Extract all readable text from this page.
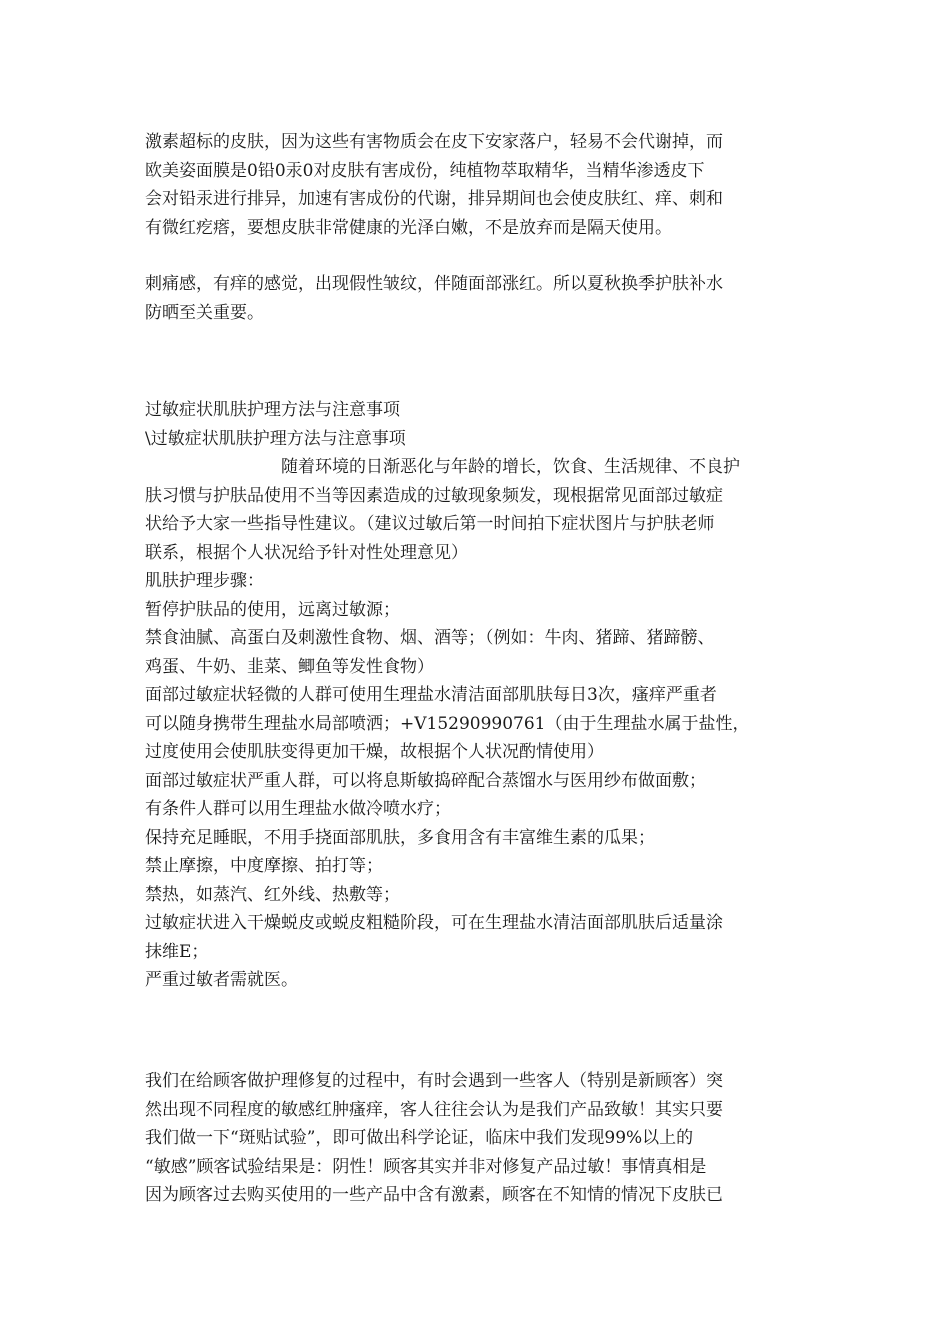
激素超标的皮肤，因为这些有害物质会在皮下安家落户，轻易不会代谢掉，而
欧美姿面膜是0铅0汞0对皮肤有害成份，纯植物萃取精华，当精华渗透皮下
会对铅汞进行排异，加速有害成份的代谢，排异期间也会使皮肤红、痒、刺和
有微红疙瘩，要想皮肤非常健康的光泽白嫩，不是放弃而是隔天使用。
刺痛感，有痒的感觉，出现假性皱纹，伴随面部涨红。所以夏秋换季护肤补水
防晒至关重要。
过敏症状肌肤护理方法与注意事项
\过敏症状肌肤护理方法与注意事项
随着环境的日渐恶化与年龄的增长，饮食、生活规律、不良护
肤习惯与护肤品使用不当等因素造成的过敏现象频发，现根据常见面部过敏症
状给予大家一些指导性建议。（建议过敏后第一时间拍下症状图片与护肤老师
联系，根据个人状况给予针对性处理意见）
肌肤护理步骤：
暂停护肤品的使用，远离过敏源；
禁食油腻、高蛋白及刺激性食物、烟、酒等；（例如：牛肉、猪蹄、猪蹄髈、
鸡蛋、牛奶、韭菜、鲫鱼等发性食物）
面部过敏症状轻微的人群可使用生理盐水清洁面部肌肤每日3次，瘙痒严重者
可以随身携带生理盐水局部喷洒；+V15290990761（由于生理盐水属于盐性，
过度使用会使肌肤变得更加干燥，故根据个人状况酌情使用）
面部过敏症状严重人群，可以将息斯敏捣碎配合蒸馏水与医用纱布做面敷；
有条件人群可以用生理盐水做冷喷水疗；
保持充足睡眠，不用手挠面部肌肤，多食用含有丰富维生素的瓜果；
禁止摩擦，中度摩擦、拍打等；
禁热，如蒸汽、红外线、热敷等；
过敏症状进入干燥蜕皮或蜕皮粗糙阶段，可在生理盐水清洁面部肌肤后适量涂
抹维E；
严重过敏者需就医。
我们在给顾客做护理修复的过程中，有时会遇到一些客人（特别是新顾客）突
然出现不同程度的敏感红肿瘙痒，客人往往会认为是我们产品致敏！其实只要
我们做一下“斑贴试验”，即可做出科学论证，临床中我们发现99%以上的
“敏感”顾客试验结果是：阴性！顾客其实并非对修复产品过敏！事情真相是
因为顾客过去购买使用的一些产品中含有激素，顾客在不知情的情况下皮肤已
